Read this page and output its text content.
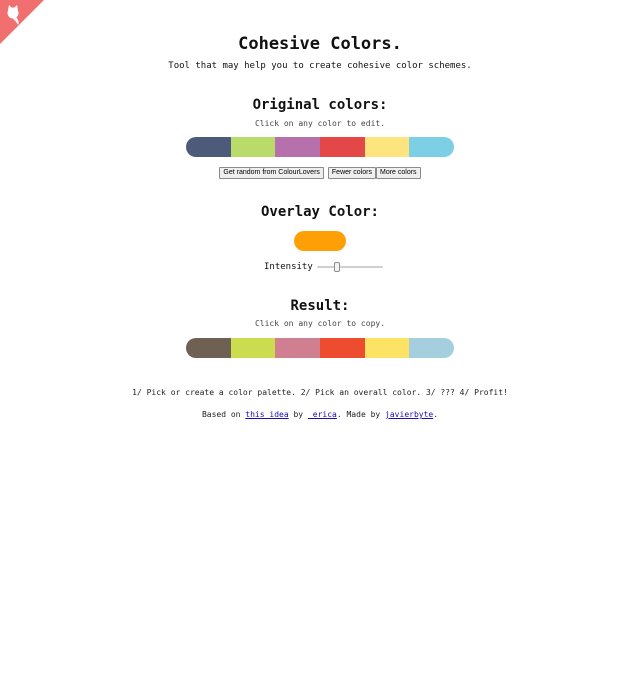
Cohesive Colors.
Tool that may help you to create cohesive color schemes.
Original colors:
Click on any color to edit.
Get random from ColourLovers Fewer colors More colors
Overlay Color:
Intensity
Result:
Click on any color to copy.
1/ Pick or create a color palette. 2/ Pick an overall color. 3/ ??? 4/ Profit!
Based on this idea by _erica. Made by javierbyte.
